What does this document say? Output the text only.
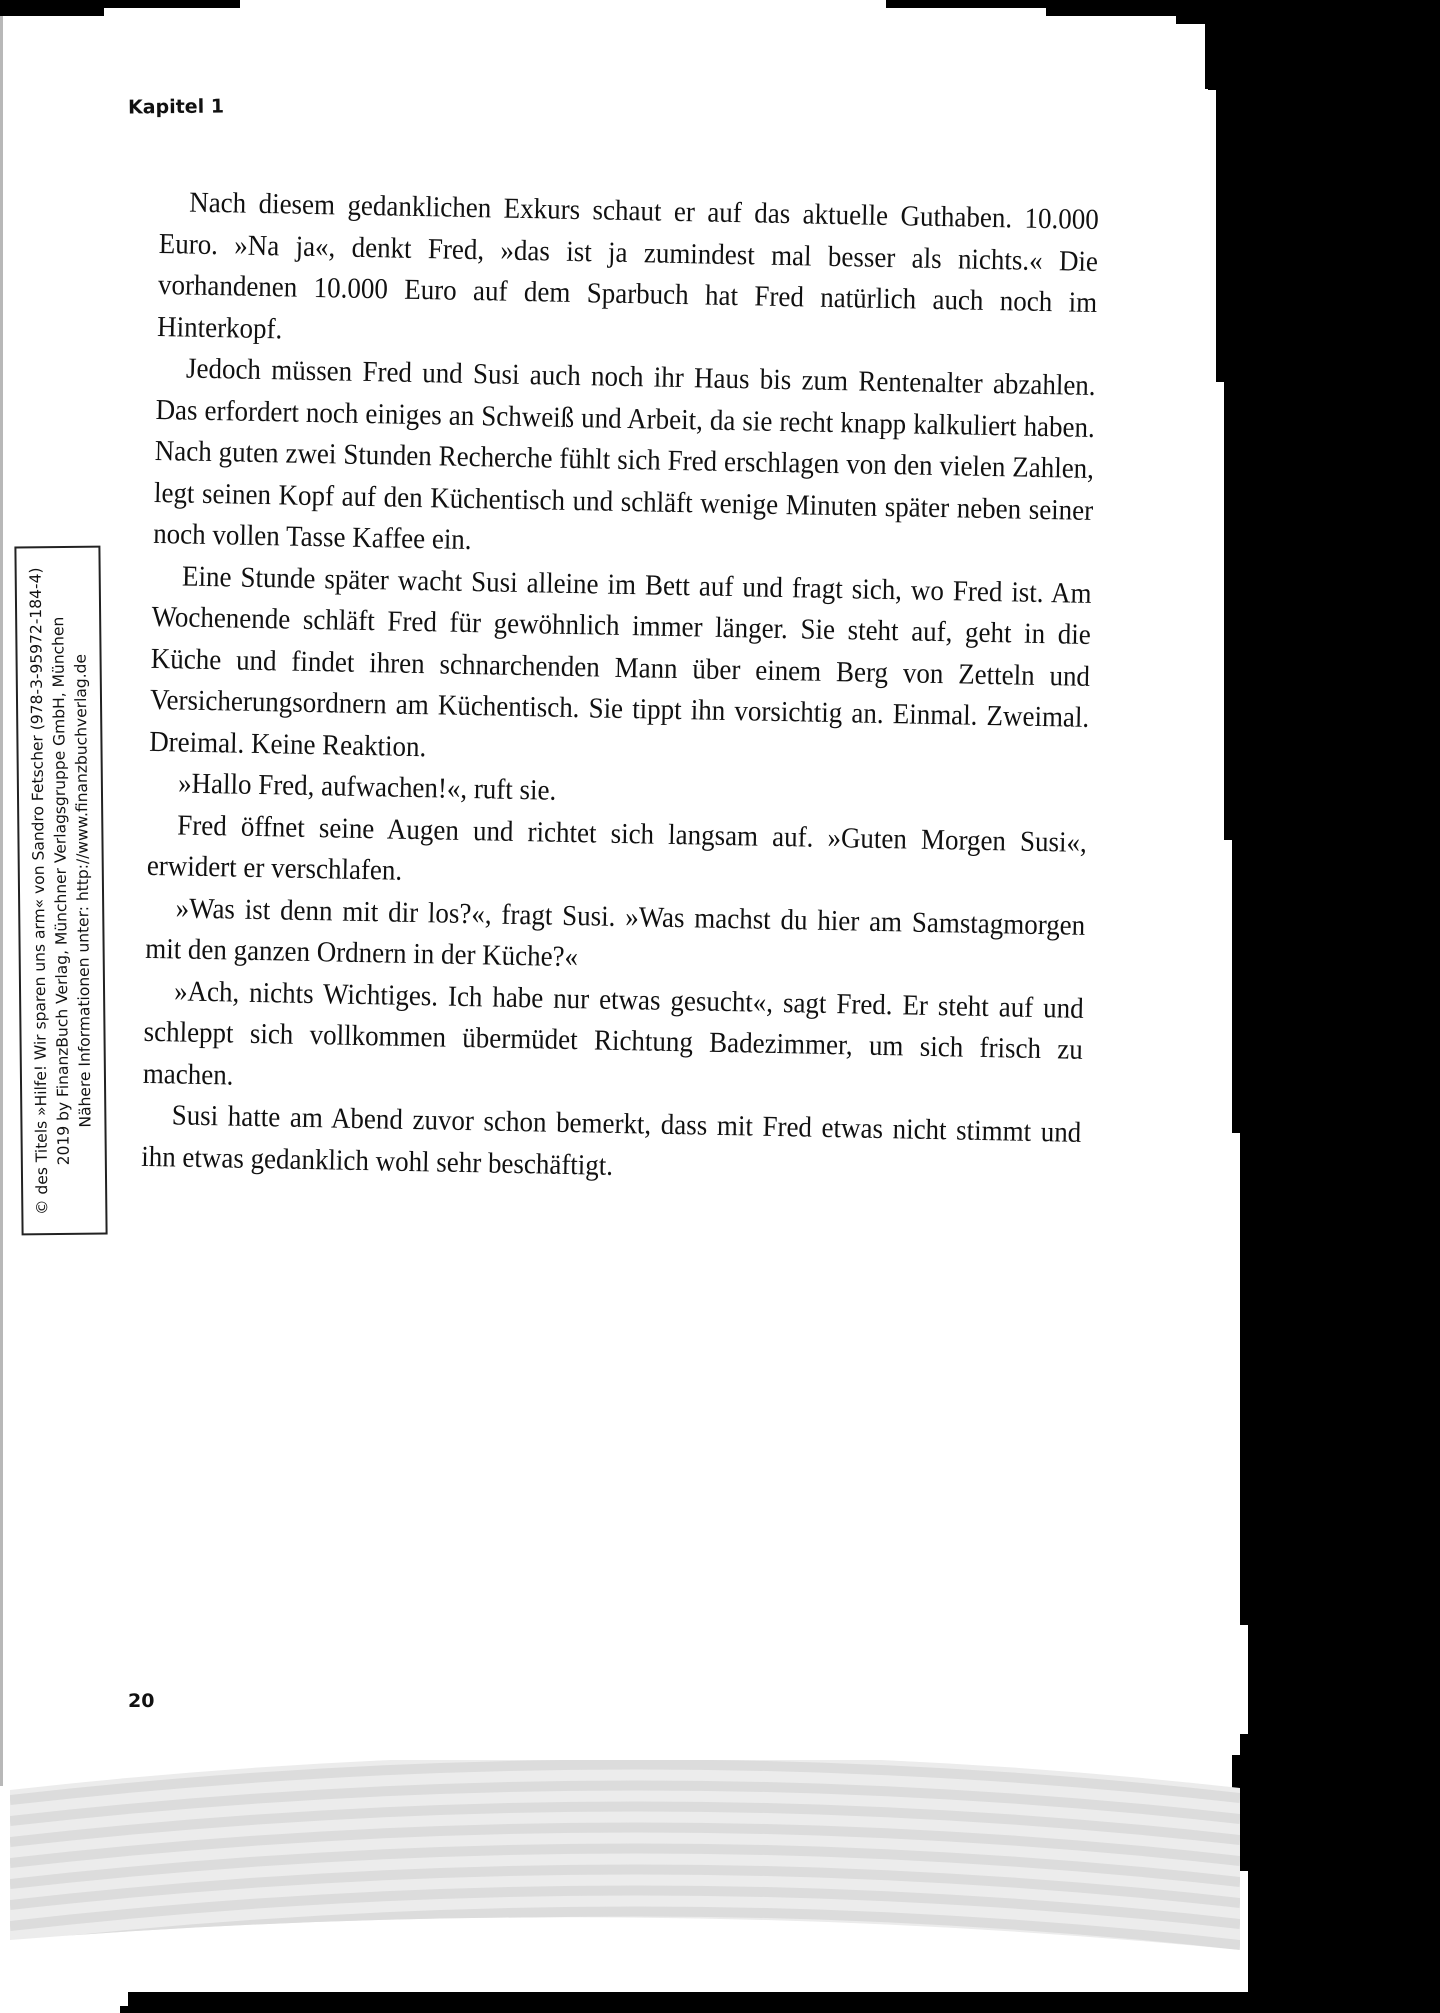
Kapitel 1

Nach diesem gedanklichen Exkurs schaut er auf das aktuelle Guthaben. 10.000 Euro. »Na ja«, denkt Fred, »das ist ja zumindest mal besser als nichts.« Die vorhandenen 10.000 Euro auf dem Sparbuch hat Fred natürlich auch noch im Hinterkopf.

Jedoch müssen Fred und Susi auch noch ihr Haus bis zum Rentenalter abzahlen. Das erfordert noch einiges an Schweiß und Arbeit, da sie recht knapp kalkuliert haben. Nach guten zwei Stunden Recherche fühlt sich Fred erschlagen von den vielen Zahlen, legt seinen Kopf auf den Küchentisch und schläft wenige Minuten später neben seiner noch vollen Tasse Kaffee ein.

Eine Stunde später wacht Susi alleine im Bett auf und fragt sich, wo Fred ist. Am Wochenende schläft Fred für gewöhnlich immer länger. Sie steht auf, geht in die Küche und findet ihren schnarchenden Mann über einem Berg von Zetteln und Versicherungsordnern am Küchentisch. Sie tippt ihn vorsichtig an. Einmal. Zweimal. Dreimal. Keine Reaktion.

»Hallo Fred, aufwachen!«, ruft sie.

Fred öffnet seine Augen und richtet sich langsam auf. »Guten Morgen Susi«, erwidert er verschlafen.

»Was ist denn mit dir los?«, fragt Susi. »Was machst du hier am Samstagmorgen mit den ganzen Ordnern in der Küche?«

»Ach, nichts Wichtiges. Ich habe nur etwas gesucht«, sagt Fred. Er steht auf und schleppt sich vollkommen übermüdet Richtung Badezimmer, um sich frisch zu machen.

Susi hatte am Abend zuvor schon bemerkt, dass mit Fred etwas nicht stimmt und ihn etwas gedanklich wohl sehr beschäftigt.

© des Titels »Hilfe! Wir sparen uns arm« von Sandro Fetscher (978-3-95972-184-4)
2019 by FinanzBuch Verlag, Münchner Verlagsgruppe GmbH, München
Nähere Informationen unter: http://www.finanzbuchverlag.de
20
